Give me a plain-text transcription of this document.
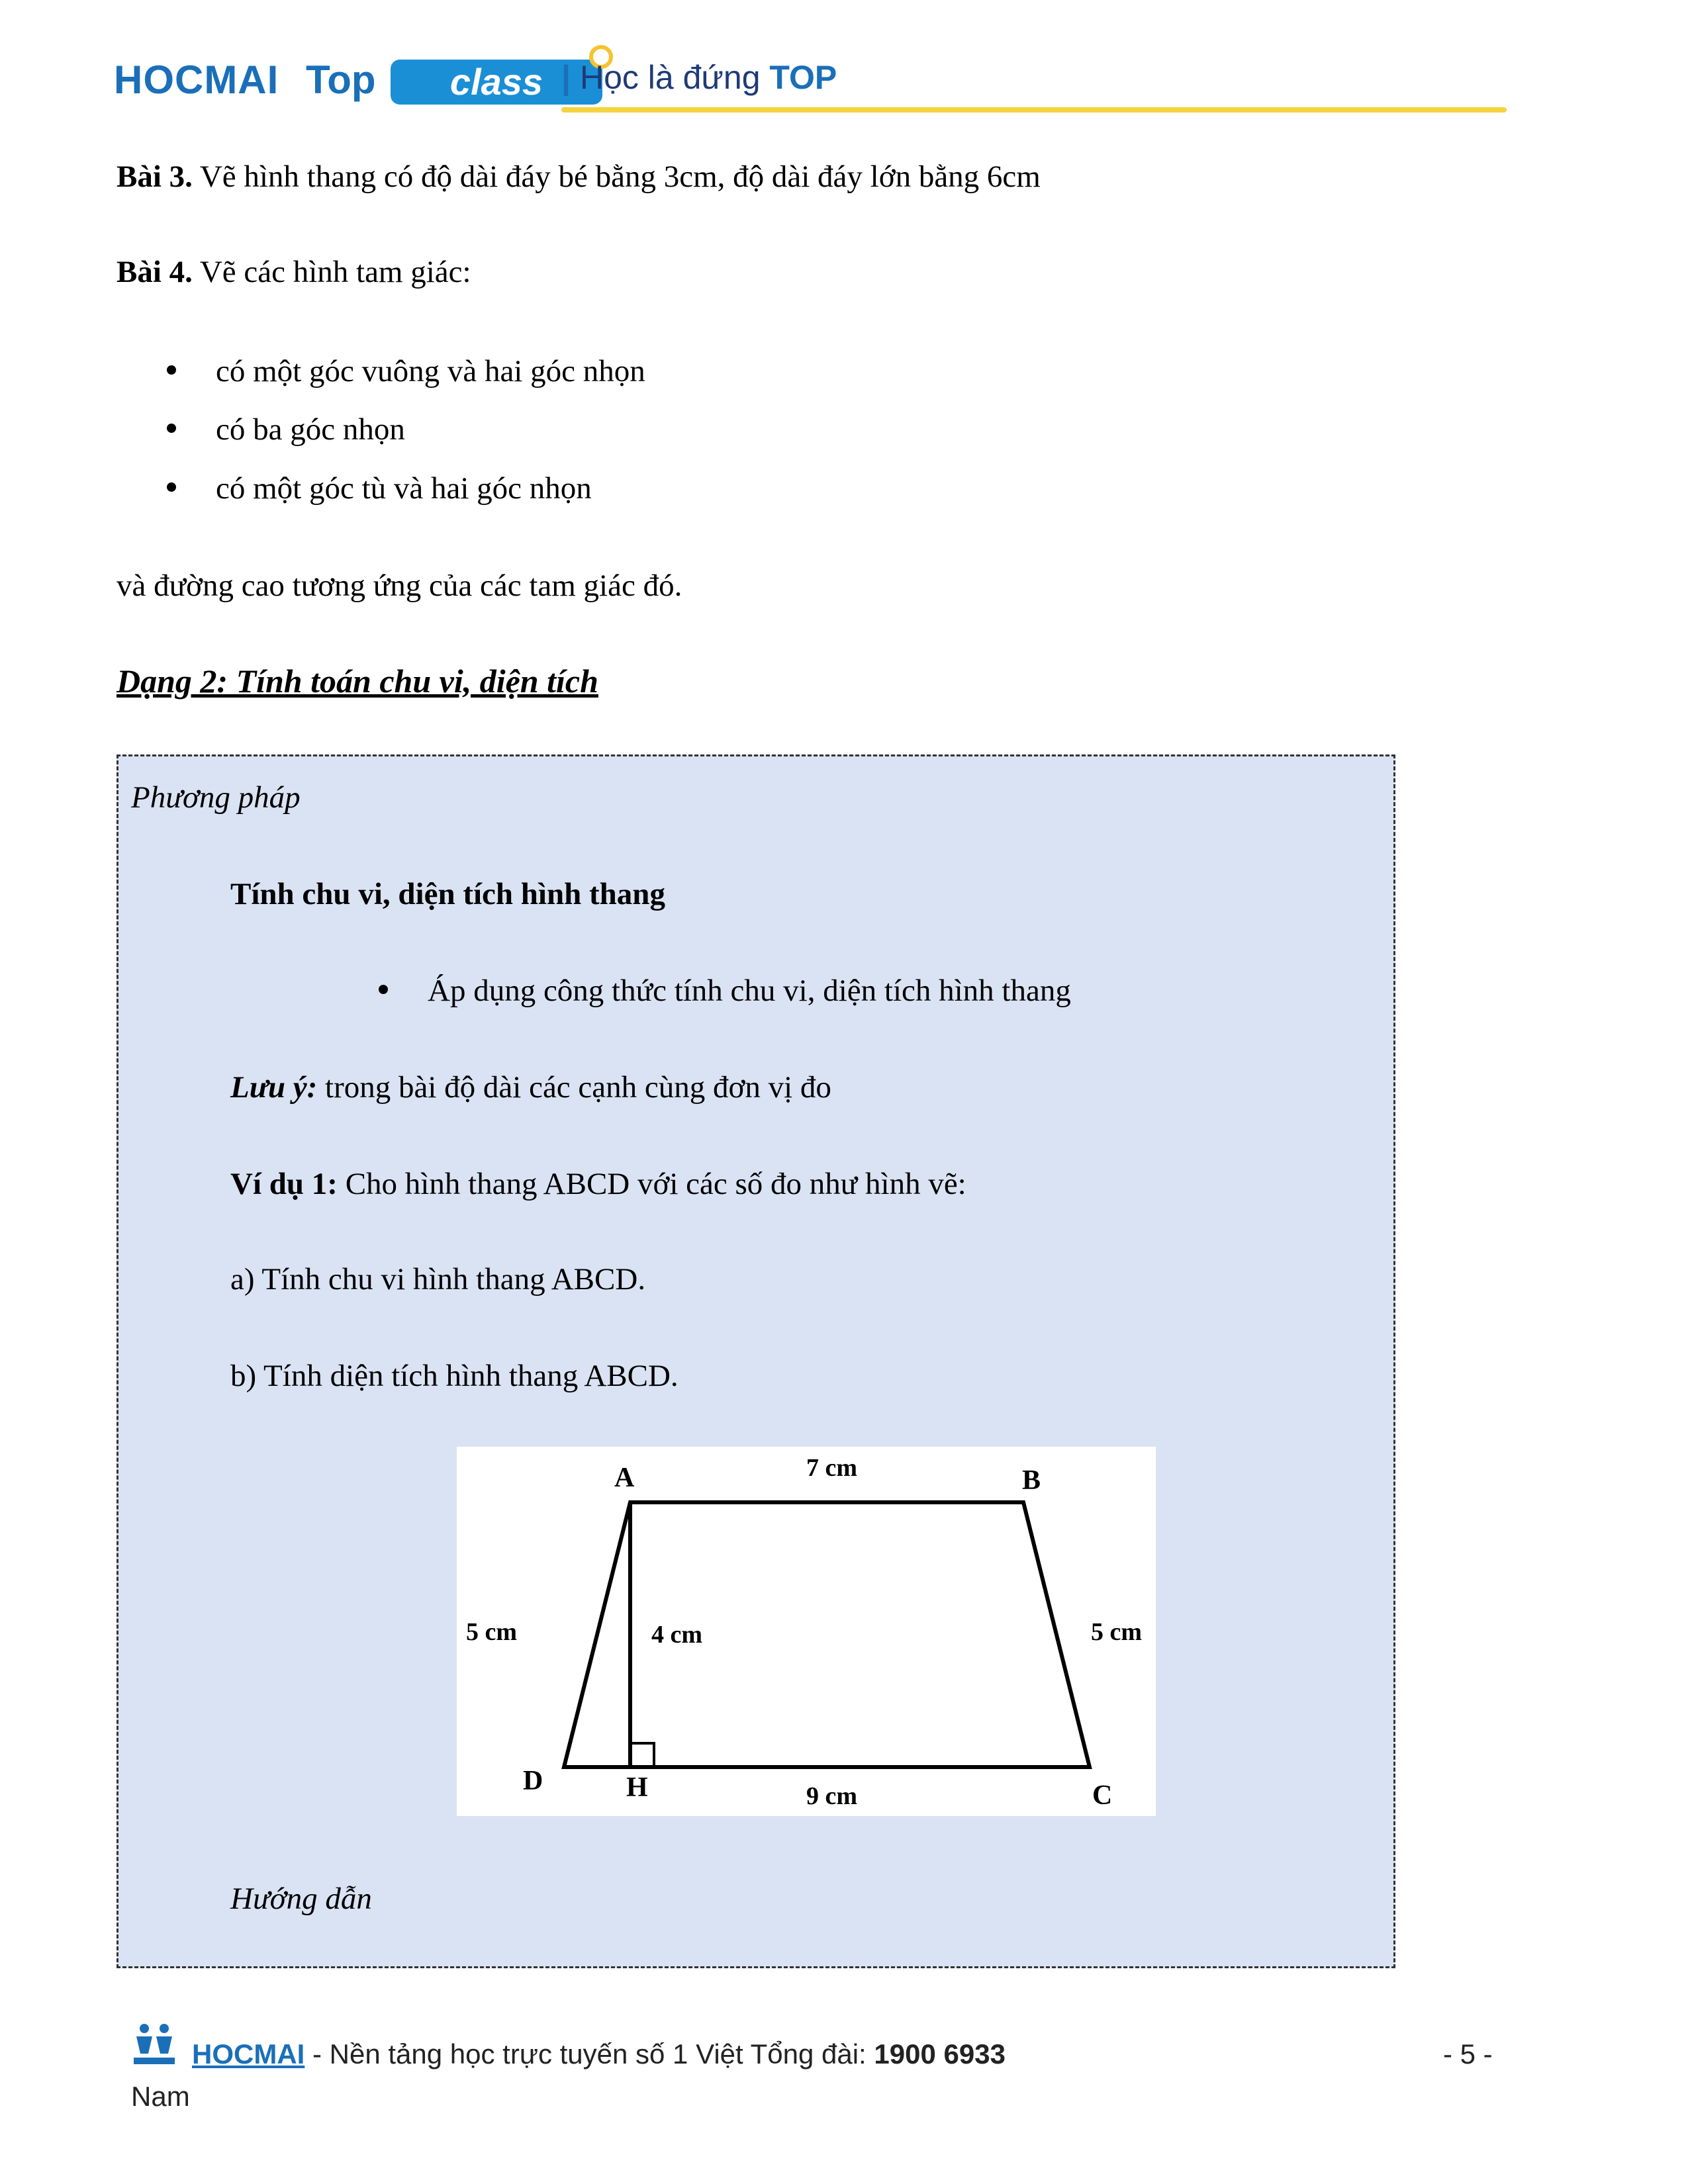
HOCMAI Top	class | Học là đứng TOP
Bài 3. Vẽ hình thang có độ dài đáy bé bằng 3cm, độ dài đáy lớn bằng 6cm
Bài 4. Vẽ các hình tam giác:
có một góc vuông và hai góc nhọn
có ba góc nhọn
có một góc tù và hai góc nhọn
và đường cao tương ứng của các tam giác đó.
Dạng 2: Tính toán chu vi, diện tích
Phương pháp
Tính chu vi, diện tích hình thang
Áp dụng công thức tính chu vi, diện tích hình thang
Lưu ý: trong bài độ dài các cạnh cùng đơn vị đo
Ví dụ 1: Cho hình thang ABCD với các số đo như hình vẽ:
a) Tính chu vi hình thang ABCD.
b) Tính diện tích hình thang ABCD.
A	B
C
D	H
7 cm
9 cm
5 cm	5 cm
4 cm
Hướng dẫn
HOCMAI - Nền tảng học trực tuyến số 1 Việt Tổng đài: 1900 6933	- 5 -
Nam
